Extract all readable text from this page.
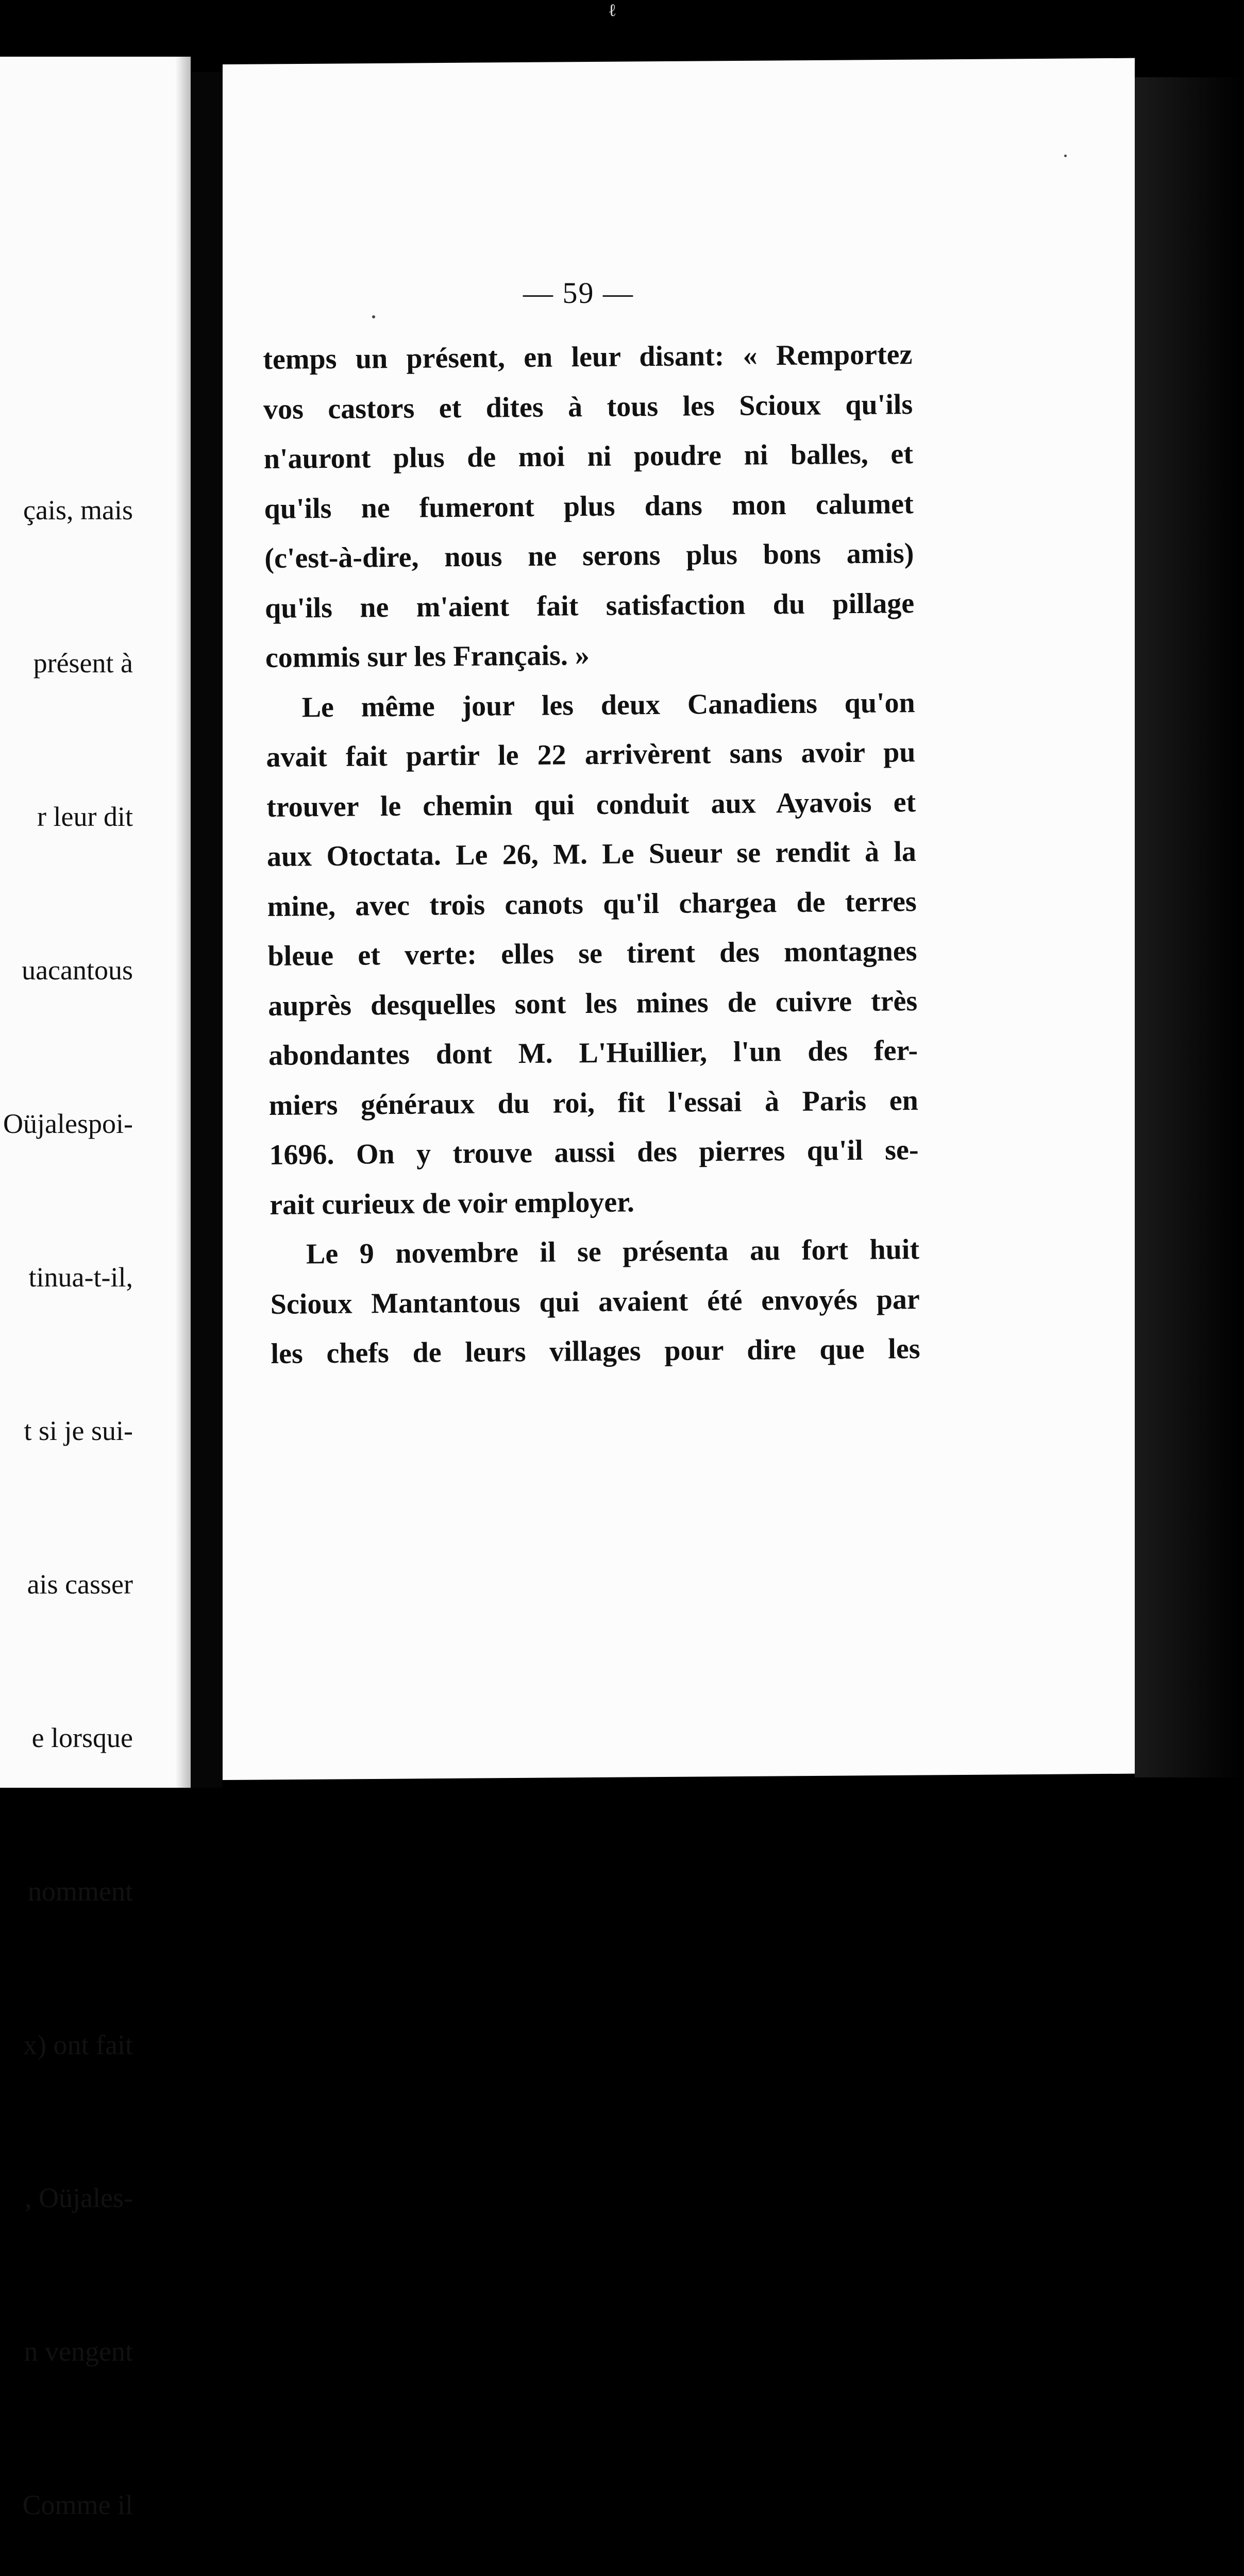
ℓ

çais, mais

présent à

r leur dit

uacantous

Oüjalespoi-

tinua-t-il,

t si je sui-

ais casser

e lorsque

nomment

x) ont fait

, Oüjales-

n vengent

Comme il

— 59 —
temps un présent, en leur disant: « Remportez
vos castors et dites à tous les Scioux qu'ils
n'auront plus de moi ni poudre ni balles, et
qu'ils ne fumeront plus dans mon calumet
(c'est-à-dire, nous ne serons plus bons amis)
qu'ils ne m'aient fait satisfaction du pillage
commis sur les Français. »
Le même jour les deux Canadiens qu'on
avait fait partir le 22 arrivèrent sans avoir pu
trouver le chemin qui conduit aux Ayavois et
aux Otoctata. Le 26, M. Le Sueur se rendit à la
mine, avec trois canots qu'il chargea de terres
bleue et verte: elles se tirent des montagnes
auprès desquelles sont les mines de cuivre très
abondantes dont M. L'Huillier, l'un des fer-
miers généraux du roi, fit l'essai à Paris en
1696. On y trouve aussi des pierres qu'il se-
rait curieux de voir employer.
Le 9 novembre il se présenta au fort huit
Scioux Mantantous qui avaient été envoyés par
les chefs de leurs villages pour dire que les
